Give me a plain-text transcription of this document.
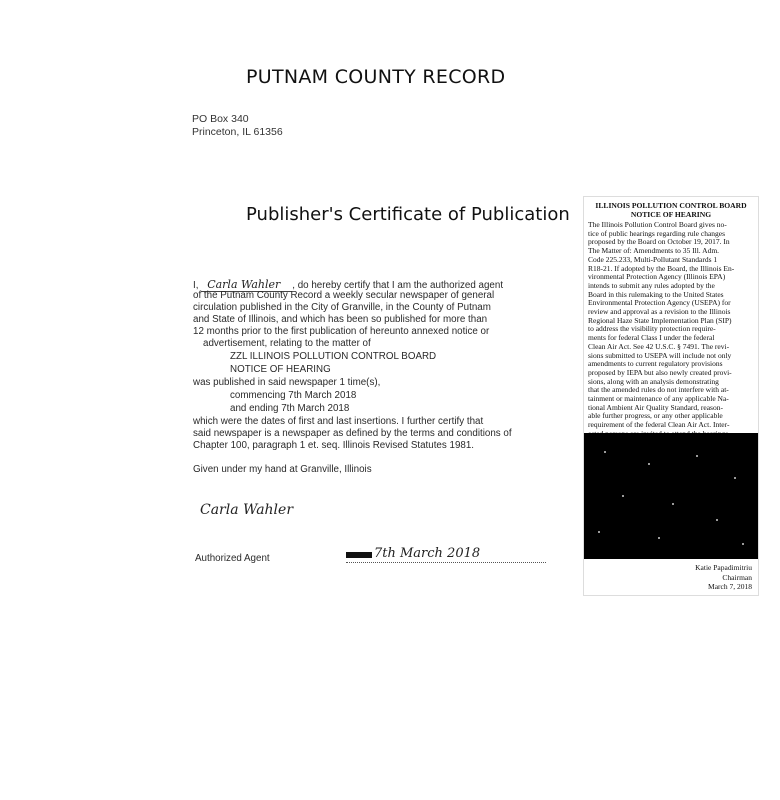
PUTNAM COUNTY RECORD
PO Box 340
Princeton, IL 61356
Publisher's Certificate of Publication
I, Carla Wahler , do hereby certify that I am the authorized agent
of the Putnam County Record a weekly secular newspaper of general
circulation published in the City of Granville, in the County of Putnam
and State of Illinois, and which has been so published for more than
12 months prior to the first publication of hereunto annexed notice or
advertisement, relating to the matter of
ZZL ILLINOIS POLLUTION CONTROL BOARD
NOTICE OF HEARING
was published in said newspaper 1 time(s),
commencing 7th March 2018
and ending 7th March 2018
which were the dates of first and last insertions. I further certify that
said newspaper is a newspaper as defined by the terms and conditions of
Chapter 100, paragraph 1 et. seq. Illinois Revised Statutes 1981.
Given under my hand at Granville, Illinois
Carla Wahler
Authorized Agent	7th March 2018
ILLINOIS POLLUTION CONTROL BOARD
NOTICE OF HEARING
The Illinois Pollution Control Board gives no-
tice of public hearings regarding rule changes
proposed by the Board on October 19, 2017. In
The Matter of: Amendments to 35 Ill. Adm.
Code 225.233, Multi-Pollutant Standards 1
R18-21. If adopted by the Board, the Illinois En-
vironmental Protection Agency (Illinois EPA)
intends to submit any rules adopted by the
Board in this rulemaking to the United States
Environmental Protection Agency (USEPA) for
review and approval as a revision to the Illinois
Regional Haze State Implementation Plan (SIP)
to address the visibility protection require-
ments for federal Class I under the federal
Clean Air Act. See 42 U.S.C. § 7491. The revi-
sions submitted to USEPA will include not only
amendments to current regulatory provisions
proposed by IEPA but also newly created provi-
sions, along with an analysis demonstrating
that the amended rules do not interfere with at-
tainment or maintenance of any applicable Na-
tional Ambient Air Quality Standard, reason-
able further progress, or any other applicable
requirement of the federal Clean Air Act. Inter-
Katie Papadimitriu
Chairman
March 7, 2018
